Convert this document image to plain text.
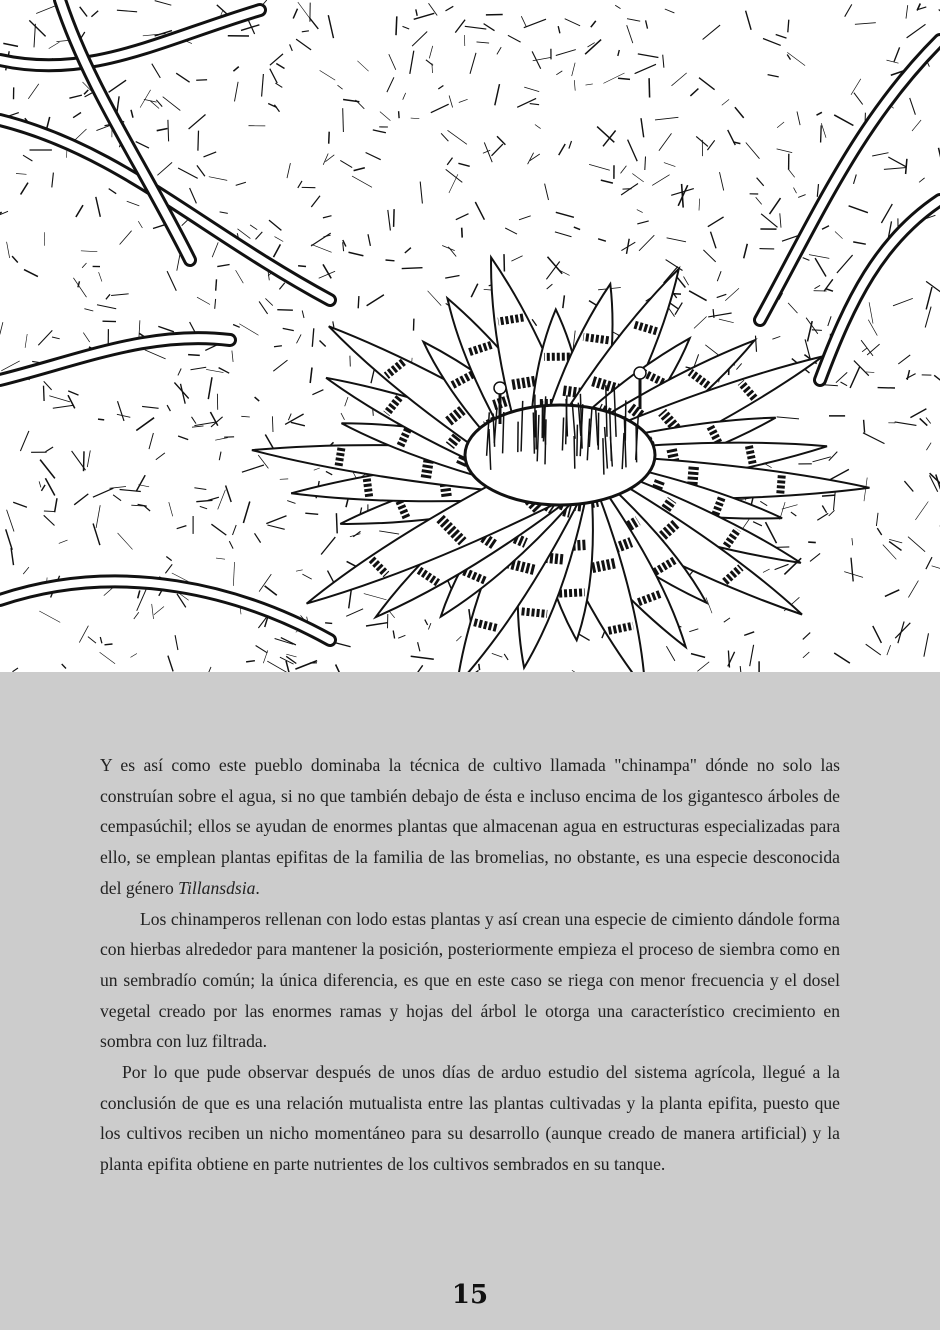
Y es así como este pueblo dominaba la técnica de cultivo llamada "chinampa" dónde no solo las construían sobre el agua, si no que también debajo de ésta e incluso encima de los gigantesco árboles de cempasúchil; ellos se ayudan de enormes plantas que almacenan agua en estructuras especializadas para ello, se emplean plantas epifitas de la familia de las bromelias, no obstante, es una especie desconocida del género Tillansdsia.

Los chinamperos rellenan con lodo estas plantas y así crean una especie de cimiento dándole forma con hierbas alrededor para mantener la posición, posteriormente empieza el proceso de siembra como en un sembradío común; la única diferencia, es que en este caso se riega con menor frecuencia y el dosel vegetal creado por las enormes ramas y hojas del árbol le otorga una característico crecimiento en sombra con luz filtrada.

Por lo que pude observar después de unos días de arduo estudio del sistema agrícola, llegué a la conclusión de que es una relación mutualista entre las plantas cultivadas y la planta epifita, puesto que los cultivos reciben un nicho momentáneo para su desarrollo (aunque creado de manera artificial) y la planta epifita obtiene en parte nutrientes de los cultivos sembrados en su tanque.

15
